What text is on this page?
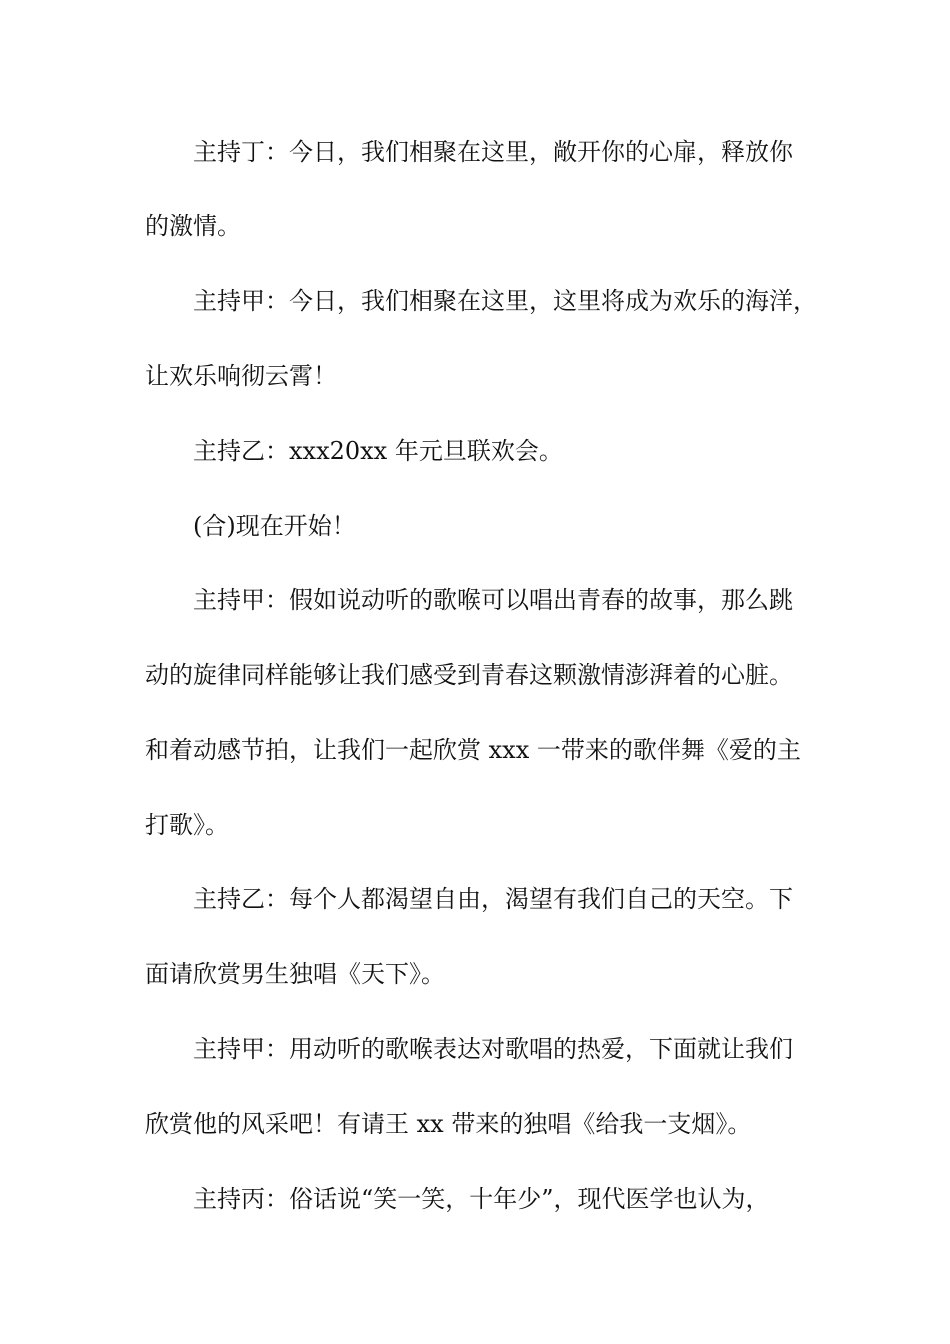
主持丁：今日，我们相聚在这里，敞开你的心扉，释放你
的激情。
主持甲：今日，我们相聚在这里，这里将成为欢乐的海洋，
让欢乐响彻云霄！
主持乙：xxx20xx 年元旦联欢会。
(合)现在开始！
主持甲：假如说动听的歌喉可以唱出青春的故事，那么跳
动的旋律同样能够让我们感受到青春这颗激情澎湃着的心脏。
和着动感节拍，让我们一起欣赏 xxx 一带来的歌伴舞《爱的主
打歌》。
主持乙：每个人都渴望自由，渴望有我们自己的天空。下
面请欣赏男生独唱《天下》。
主持甲：用动听的歌喉表达对歌唱的热爱，下面就让我们
欣赏他的风采吧！有请王 xx 带来的独唱《给我一支烟》。
主持丙：俗话说“笑一笑，十年少”，现代医学也认为，
